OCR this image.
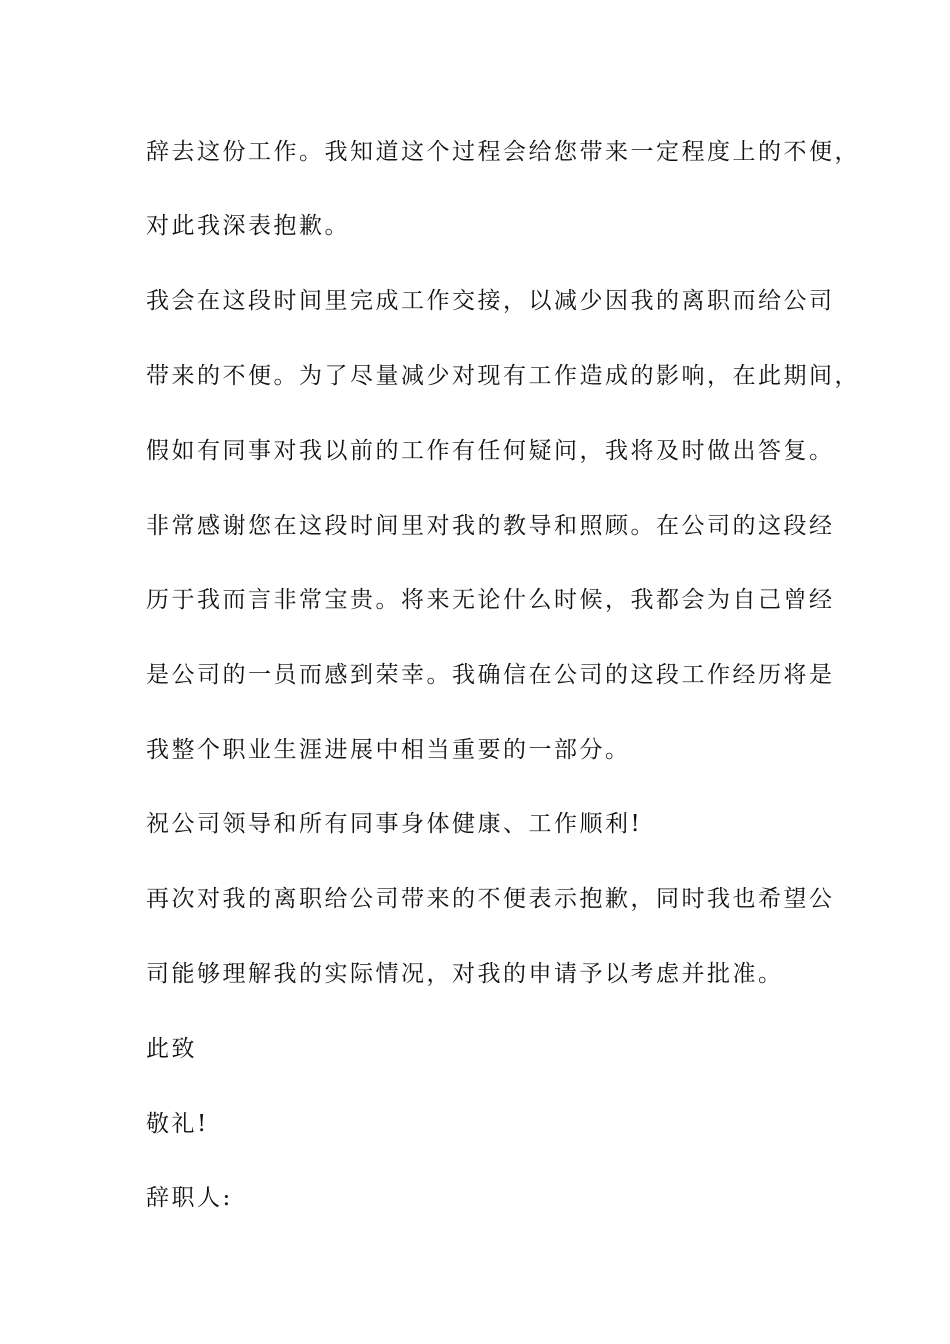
辞去这份工作。我知道这个过程会给您带来一定程度上的不便，
对此我深表抱歉。
我会在这段时间里完成工作交接，以减少因我的离职而给公司
带来的不便。为了尽量减少对现有工作造成的影响，在此期间，
假如有同事对我以前的工作有任何疑问，我将及时做出答复。
非常感谢您在这段时间里对我的教导和照顾。在公司的这段经
历于我而言非常宝贵。将来无论什么时候，我都会为自己曾经
是公司的一员而感到荣幸。我确信在公司的这段工作经历将是
我整个职业生涯进展中相当重要的一部分。
祝公司领导和所有同事身体健康、工作顺利!
再次对我的离职给公司带来的不便表示抱歉，同时我也希望公
司能够理解我的实际情况，对我的申请予以考虑并批准。
此致
敬礼!
辞职人:
